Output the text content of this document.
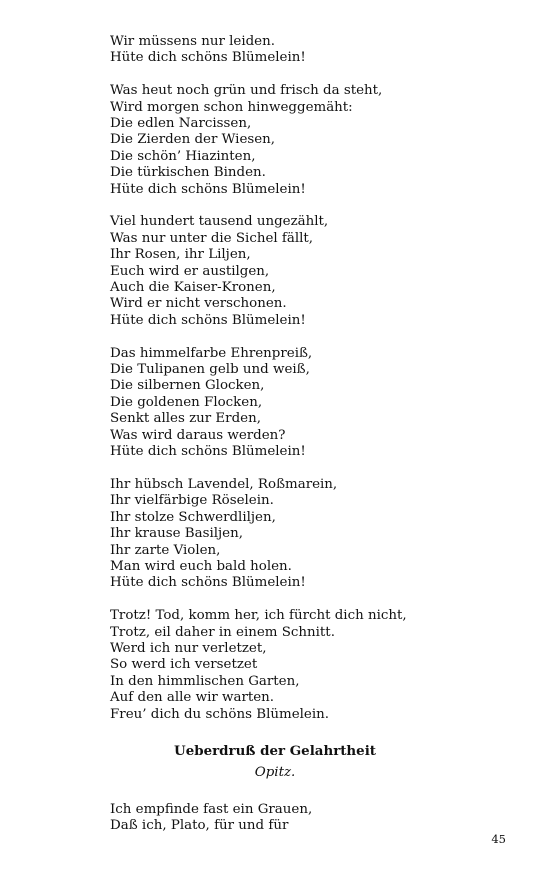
Wir müssens nur leiden.
Hüte dich schöns Blümelein!
Was heut noch grün und frisch da steht,
Wird morgen schon hinweggemäht:
Die edlen Narcissen,
Die Zierden der Wiesen,
Die schön’ Hiazinten,
Die türkischen Binden.
Hüte dich schöns Blümelein!
Viel hundert tausend ungezählt,
Was nur unter die Sichel fällt,
Ihr Rosen, ihr Liljen,
Euch wird er austilgen,
Auch die Kaiser-Kronen,
Wird er nicht verschonen.
Hüte dich schöns Blümelein!
Das himmelfarbe Ehrenpreiß,
Die Tulipanen gelb und weiß,
Die silbernen Glocken,
Die goldenen Flocken,
Senkt alles zur Erden,
Was wird daraus werden?
Hüte dich schöns Blümelein!
Ihr hübsch Lavendel, Roßmarein,
Ihr vielfärbige Röselein.
Ihr stolze Schwerdliljen,
Ihr krause Basiljen,
Ihr zarte Violen,
Man wird euch bald holen.
Hüte dich schöns Blümelein!
Trotz! Tod, komm her, ich fürcht dich nicht,
Trotz, eil daher in einem Schnitt.
Werd ich nur verletzet,
So werd ich versetzet
In den himmlischen Garten,
Auf den alle wir warten.
Freu’ dich du schöns Blümelein.
Ueberdruß der Gelahrtheit
Opitz.
Ich empfinde fast ein Grauen,
Daß ich, Plato, für und für
45
